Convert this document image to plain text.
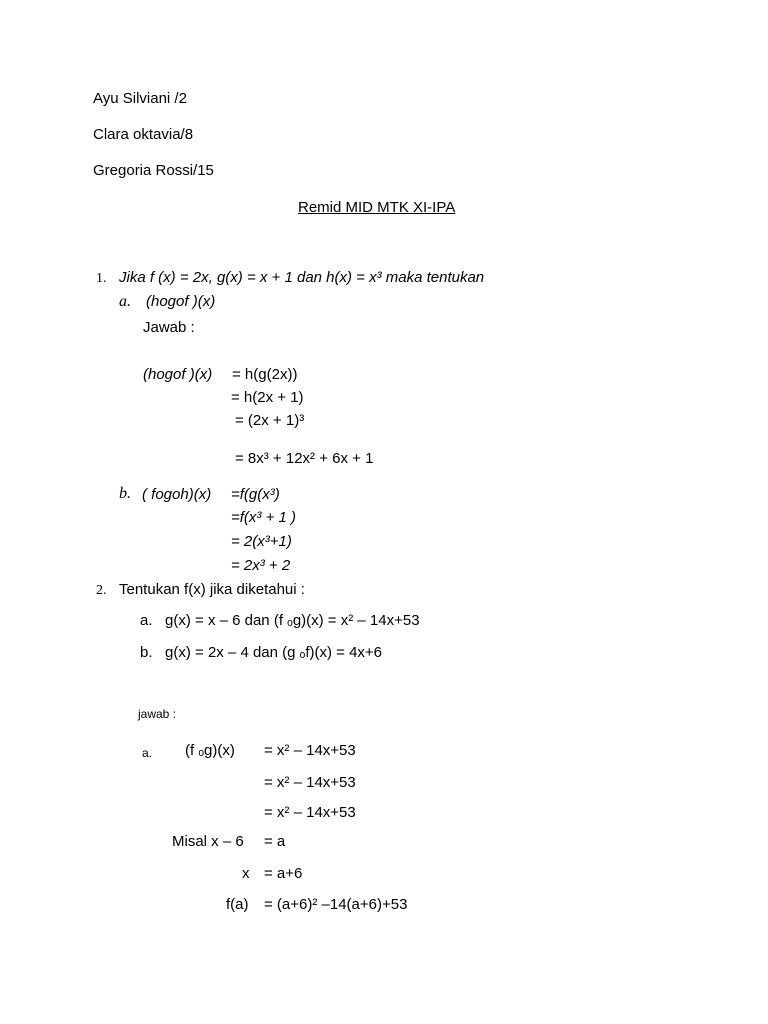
Ayu Silviani /2
Clara oktavia/8
Gregoria Rossi/15
Remid MID MTK XI-IPA
1. Jika f (x) = 2x, g(x) = x + 1 dan h(x) = x³ maka tentukan
a. (hogof )(x)
Jawab :
(hogof )(x) = h(g(2x))
= h(2x + 1)
= (2x + 1)³
= 8x³ + 12x² + 6x + 1
b. ( fogoh)(x) =f(g(x³)
=f(x³ + 1 )
= 2(x³+1)
= 2x³ + 2
2. Tentukan f(x) jika diketahui :
a.   g(x) = x – 6 dan (f ₒg)(x) = x² – 14x+53
b.   g(x) = 2x – 4 dan (g ₒf)(x) = 4x+6
jawab :
a. (f ₒg)(x) = x² – 14x+53
= x² – 14x+53
= x² – 14x+53
Misal x – 6 = a
x = a+6
f(a) = (a+6)² –14(a+6)+53
